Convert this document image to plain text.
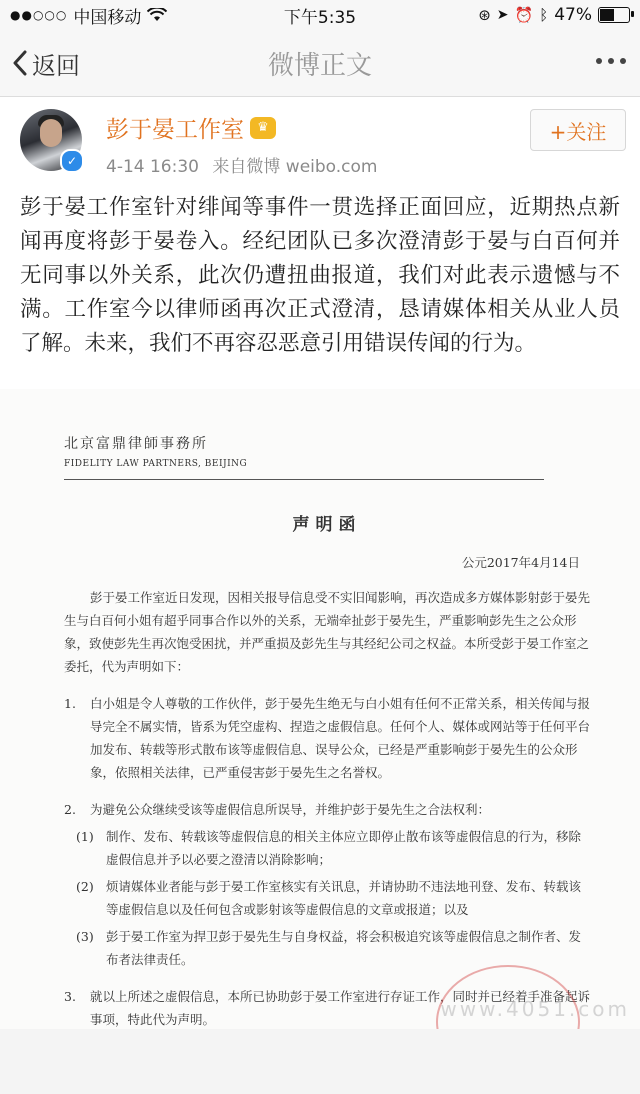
●●○○○ 中国移动	下午5:35	⊛ ➤ ⏰ ᛒ 47%
返回	微博正文
✓
彭于晏工作室	♛
4-14 16:30 来自微博 weibo.com
+关注
彭于晏工作室针对绯闻等事件一贯选择正面回应，近期热点新闻再度将彭于晏卷入。经纪团队已多次澄清彭于晏与白百何并无同事以外关系，此次仍遭扭曲报道，我们对此表示遗憾与不满。工作室今以律师函再次正式澄清，恳请媒体相关从业人员了解。未来，我们不再容忍恶意引用错误传闻的行为。
北京富鼎律師事務所
FIDELITY LAW PARTNERS, BEIJING
声明函
公元2017年4月14日
彭于晏工作室近日发现，因相关报导信息受不实旧闻影响，再次造成多方媒体影射彭于晏先生与白百何小姐有超乎同事合作以外的关系，无端牵扯彭于晏先生，严重影响彭先生之公众形象，致使彭先生再次饱受困扰，并严重损及彭先生与其经纪公司之权益。本所受彭于晏工作室之委托，代为声明如下：
1.	白小姐是令人尊敬的工作伙伴，彭于晏先生绝无与白小姐有任何不正常关系，相关传闻与报导完全不属实情，皆系为凭空虚构、捏造之虚假信息。任何个人、媒体或网站等于任何平台加发布、转载等形式散布该等虚假信息、误导公众，已经是严重影响彭于晏先生的公众形象，依照相关法律，已严重侵害彭于晏先生之名誉权。
2.	为避免公众继续受该等虚假信息所误导，并维护彭于晏先生之合法权利：
(1) 制作、发布、转载该等虚假信息的相关主体应立即停止散布该等虚假信息的行为，移除虚假信息并予以必要之澄清以消除影响；
(2) 烦请媒体业者能与彭于晏工作室核实有关讯息，并请协助不违法地刊登、发布、转载该等虚假信息以及任何包含或影射该等虚假信息的文章或报道；以及
(3) 彭于晏工作室为捍卫彭于晏先生与自身权益，将会积极追究该等虚假信息之制作者、发布者法律责任。
3.	就以上所述之虚假信息，本所已协助彭于晏工作室进行存证工作，同时并已经着手准备起诉事项，特此代为声明。	www.4051.com
